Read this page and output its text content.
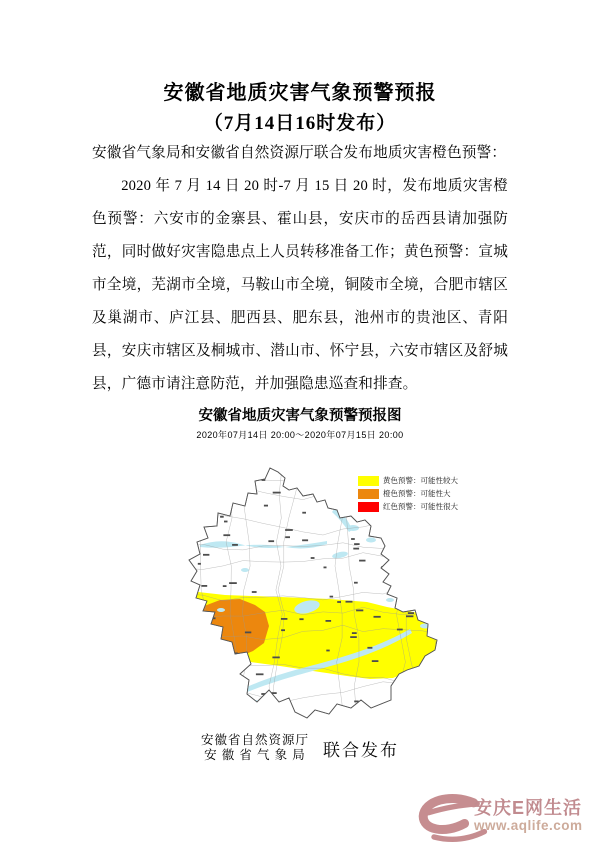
安徽省地质灾害气象预警预报
（7月14日16时发布）

安徽省气象局和安徽省自然资源厅联合发布地质灾害橙色预警：

2020 年 7 月 14 日 20 时-7 月 15 日 20 时，发布地质灾害橙色预警：六安市的金寨县、霍山县，安庆市的岳西县请加强防范，同时做好灾害隐患点上人员转移准备工作；黄色预警：宣城市全境，芜湖市全境，马鞍山市全境，铜陵市全境，合肥市辖区及巢湖市、庐江县、肥西县、肥东县，池州市的贵池区、青阳县，安庆市辖区及桐城市、潜山市、怀宁县，六安市辖区及舒城县，广德市请注意防范，并加强隐患巡查和排查。

安徽省地质灾害气象预警预报图
2020年07月14日 20:00～2020年07月15日 20:00
黄色预警：可能性较大
橙色预警：可能性大
红色预警：可能性很大
安徽省自然资源厅
安 徽 省 气 象 局 联合发布
安庆E网生活
www.aqlife.com
